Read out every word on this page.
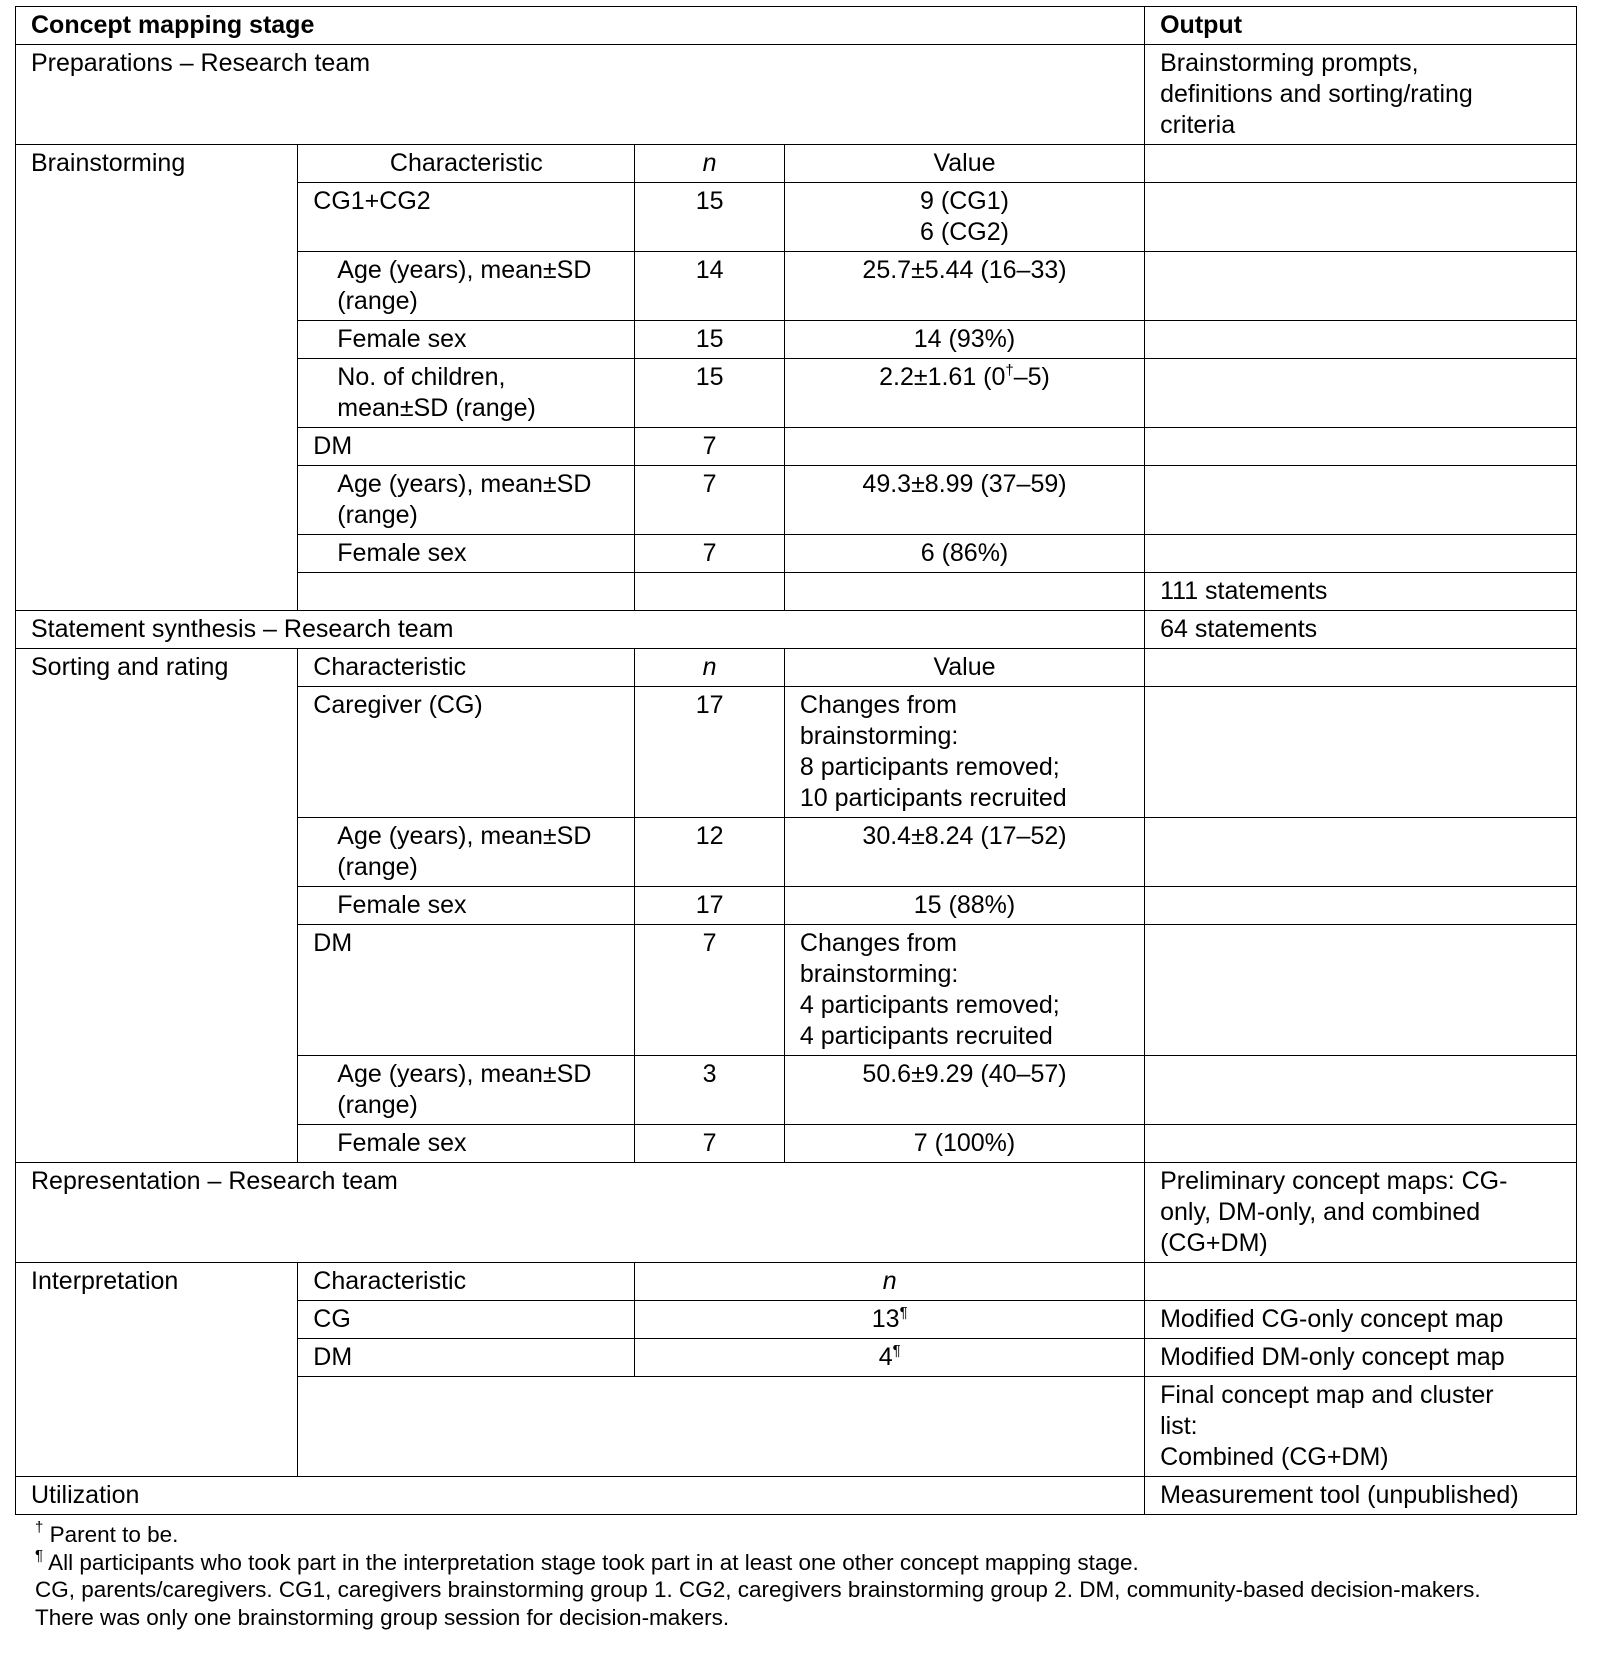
Concept mapping stage				Output
Preparations – Research team				Brainstorming prompts,
definitions and sorting/rating
criteria

Brainstorming	Characteristic	n	Value	
	CG1+CG2	15	9 (CG1)
6 (CG2)	

	Age (years), mean±SD
(range)	14	25.7±5.44 (16–33)	
	Female sex	15	14 (93%)	

	No. of children,
mean±SD (range)	15	2.2±1.61 (0†–5)	
	DM	7		

	Age (years), mean±SD
(range)	7	49.3±8.99 (37–59)	
	Female sex	7	6 (86%)	
				111 statements
Statement synthesis – Research team				64 statements
Sorting and rating	Characteristic	n	Value	
	Caregiver (CG)	17	Changes from
brainstorming:
8 participants removed;
10 participants recruited	

	Age (years), mean±SD
(range)	12	30.4±8.24 (17–52)	
	Female sex	17	15 (88%)	
	DM	7	Changes from
brainstorming:
4 participants removed;
4 participants recruited	

	Age (years), mean±SD
(range)	3	50.6±9.29 (40–57)	
	Female sex	7	7 (100%)	
Representation – Research team				Preliminary concept maps: CG-
only, DM-only, and combined
(CG+DM)

Interpretation	Characteristic	n		
	CG	13¶		Modified CG-only concept map
	DM	4¶		Modified DM-only concept map

				Final concept map and cluster
list:
Combined (CG+DM)

Utilization				Measurement tool (unpublished)

† Parent to be.

¶ All participants who took part in the interpretation stage took part in at least one other concept mapping stage.

CG, parents/caregivers. CG1, caregivers brainstorming group 1. CG2, caregivers brainstorming group 2. DM, community-based decision-makers. There was only one brainstorming group session for decision-makers.
